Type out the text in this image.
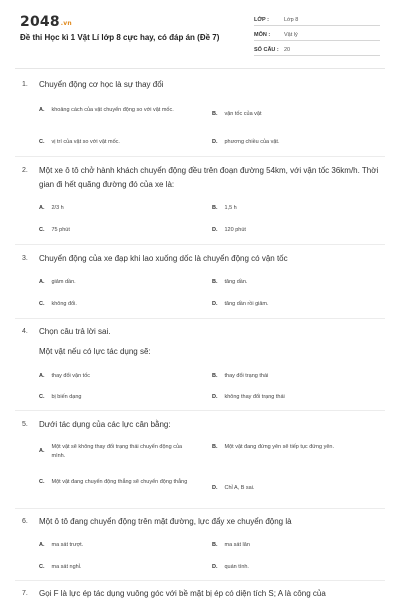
2048.vn
Đề thi Học kì 1 Vật Lí lớp 8 cực hay, có đáp án (Đề 7)
LỚP :	Lớp 8
MÔN :	Vật lý
SỐ CÂU : 20
1. Chuyển động cơ học là sự thay đổi
A. khoảng cách của vật chuyển động so với vật mốc.
B. vận tốc của vật
C. vị trí của vật so với vật mốc.	D. phương chiều của vật.
2. Một xe ô tô chở hành khách chuyển động đều trên đoạn đường 54km, với vận tốc 36km/h. Thời gian đi hết quãng đường đó của xe là:
A. 2/3 h	B. 1,5 h
C. 75 phút	D. 120 phút
3. Chuyển động của xe đạp khi lao xuống dốc là chuyển động có vận tốc
A. giảm dần.	B. tăng dần.
C. không đổi.	D. tăng dần rồi giảm.
4. Chọn câu trả lời sai.
Một vật nếu có lực tác dụng sẽ:
A. thay đổi vận tốc	B. thay đổi trạng thái
C. bị biến dạng	D. không thay đổi trạng thái
5. Dưới tác dụng của các lực cân bằng:
A.
Một vật sẽ không thay đổi trạng thái chuyển động của mình.
B. Một vật đang đứng yên sẽ tiếp tục đứng yên.
C. Một vật đang chuyển động thẳng sẽ chuyển động thẳng
D. Chỉ A, B sai.
6. Một ô tô đang chuyển động trên mặt đường, lực đẩy xe chuyển động là
A. ma sát trượt.	B. ma sát lăn
C. ma sát nghỉ.	D. quán tính.
7. Gọi F là lực ép tác dụng vuông góc với bề mặt bị ép có diện tích S; A là công của
